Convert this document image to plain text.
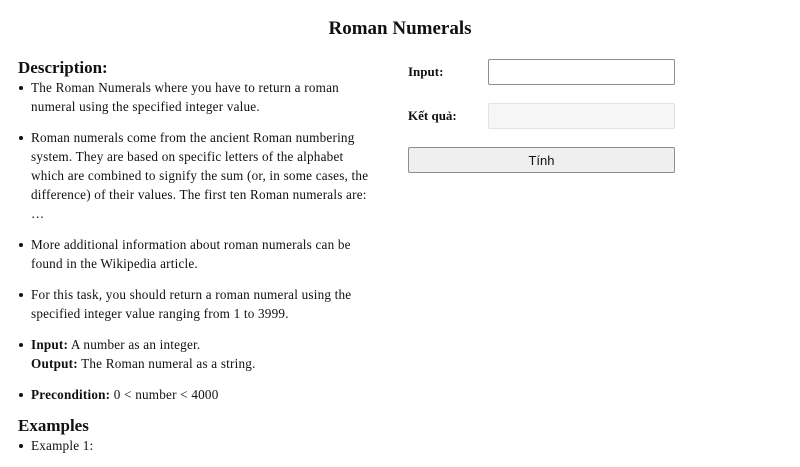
Roman Numerals
Description:
The Roman Numerals where you have to return a roman numeral using the specified integer value.
Roman numerals come from the ancient Roman numbering system. They are based on specific letters of the alphabet which are combined to signify the sum (or, in some cases, the difference) of their values. The first ten Roman numerals are: …
More additional information about roman numerals can be found in the Wikipedia article.
For this task, you should return a roman numeral using the specified integer value ranging from 1 to 3999.
Input: A number as an integer.
Output: The Roman numeral as a string.
Precondition: 0 < number < 4000
Examples
Example 1:
Input:
Kết quả:
Tính
